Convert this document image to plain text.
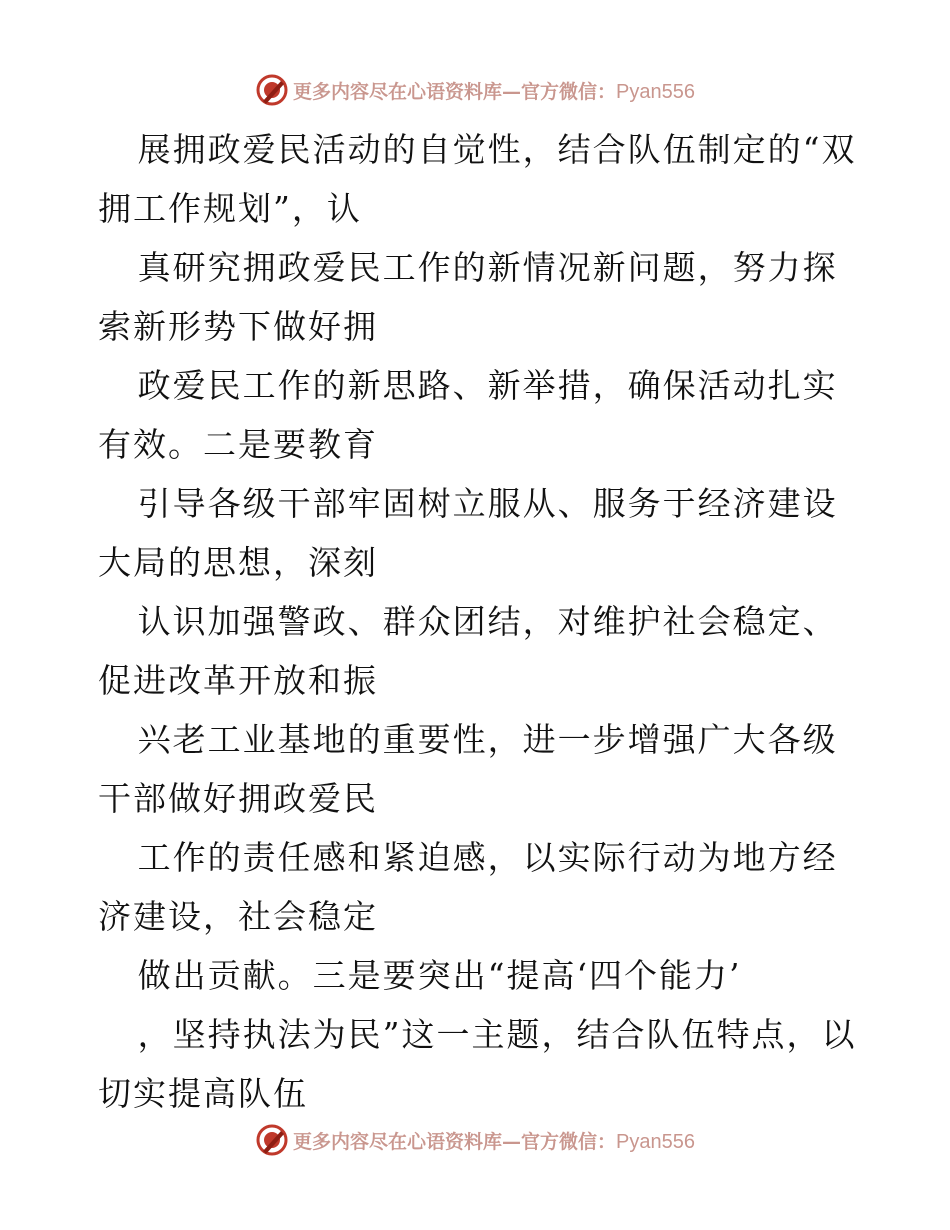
更多内容尽在心语资料库—官方微信：Pyan556

展拥政爱民活动的自觉性，结合队伍制定的“双拥工作规划”，认

真研究拥政爱民工作的新情况新问题，努力探索新形势下做好拥

政爱民工作的新思路、新举措，确保活动扎实有效。二是要教育

引导各级干部牢固树立服从、服务于经济建设大局的思想，深刻

认识加强警政、群众团结，对维护社会稳定、促进改革开放和振

兴老工业基地的重要性，进一步增强广大各级干部做好拥政爱民

工作的责任感和紧迫感，以实际行动为地方经济建设，社会稳定

做出贡献。三是要突出“提高‘四个能力’

，坚持执法为民”这一主题，结合队伍特点，以切实提高队伍

更多内容尽在心语资料库—官方微信：Pyan556
